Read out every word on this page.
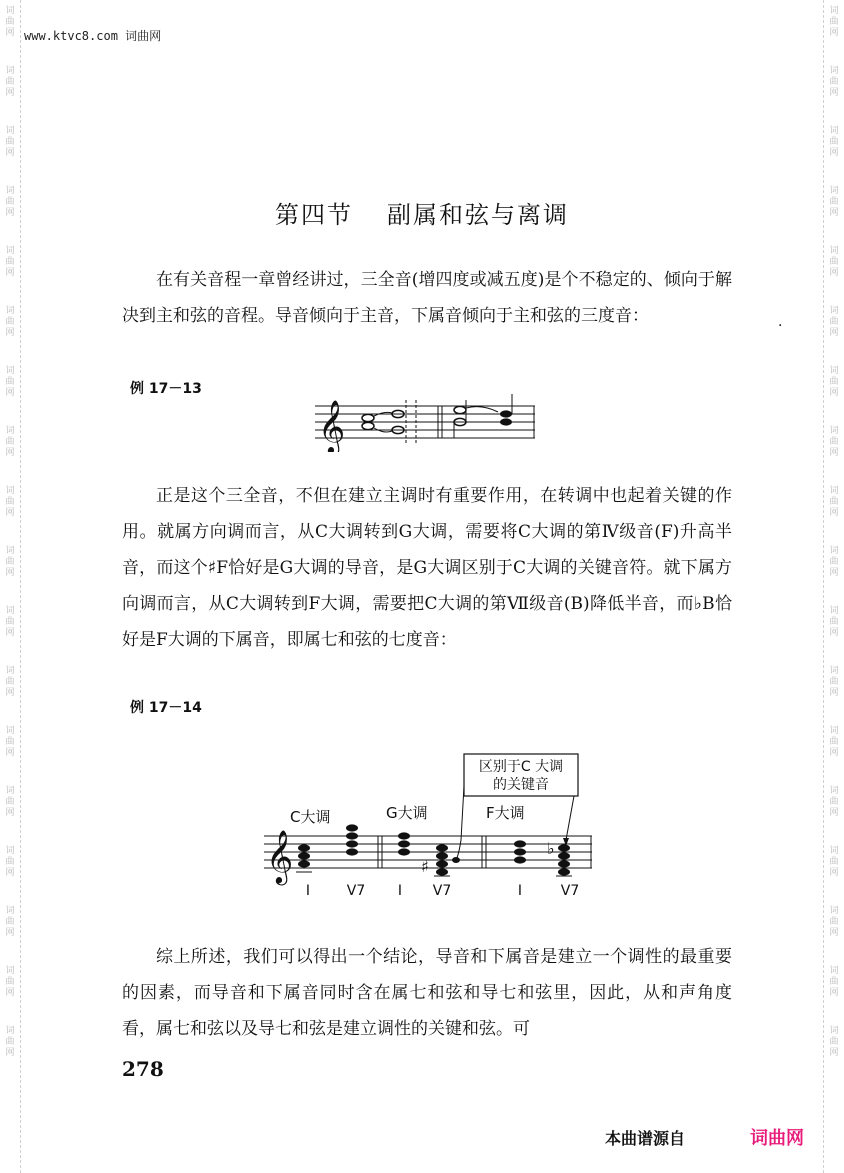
词
曲
网
词
曲
网
词
曲
网
词
曲
网
词
曲
网
词
曲
网
词
曲
网
词
曲
网
词
曲
网
词
曲
网
词
曲
网
词
曲
网
词
曲
网
词
曲
网
词
曲
网
词
曲
网
词
曲
网
词
曲
网
词
曲
网
词
曲
网
词
曲
网
词
曲
网
词
曲
网
词
曲
网
词
曲
网
词
曲
网
词
曲
网
词
曲
网
词
曲
网
词
曲
网
词
曲
网
词
曲
网
词
曲
网
词
曲
网
词
曲
网
词
曲
网
www.ktvc8.com 词曲网
第四节 副属和弦与离调

在有关音程一章曾经讲过，三全音(增四度或减五度)是个不稳定的、倾向于解决到主和弦的音程。导音倾向于主音，下属音倾向于主和弦的三度音：	·
例 17－13
𝄞

正是这个三全音，不但在建立主调时有重要作用，在转调中也起着关键的作用。就属方向调而言，从C大调转到G大调，需要将C大调的第Ⅳ级音(F)升高半音，而这个♯F恰好是G大调的导音，是G大调区别于C大调的关键音符。就下属方向调而言，从C大调转到F大调，需要把C大调的第Ⅶ级音(B)降低半音，而♭B恰好是F大调的下属音，即属七和弦的七度音：

例 17－14
区别于C 大调
的关键音
C大调	G大调	F大调
𝄞	♯
♭
I	V7 I V7	I	V7

综上所述，我们可以得出一个结论，导音和下属音是建立一个调性的最重要的因素，而导音和下属音同时含在属七和弦和导七和弦里，因此，从和声角度看，属七和弦以及导七和弦是建立调性的关键和弦。可

278
本曲谱源自	词曲网
